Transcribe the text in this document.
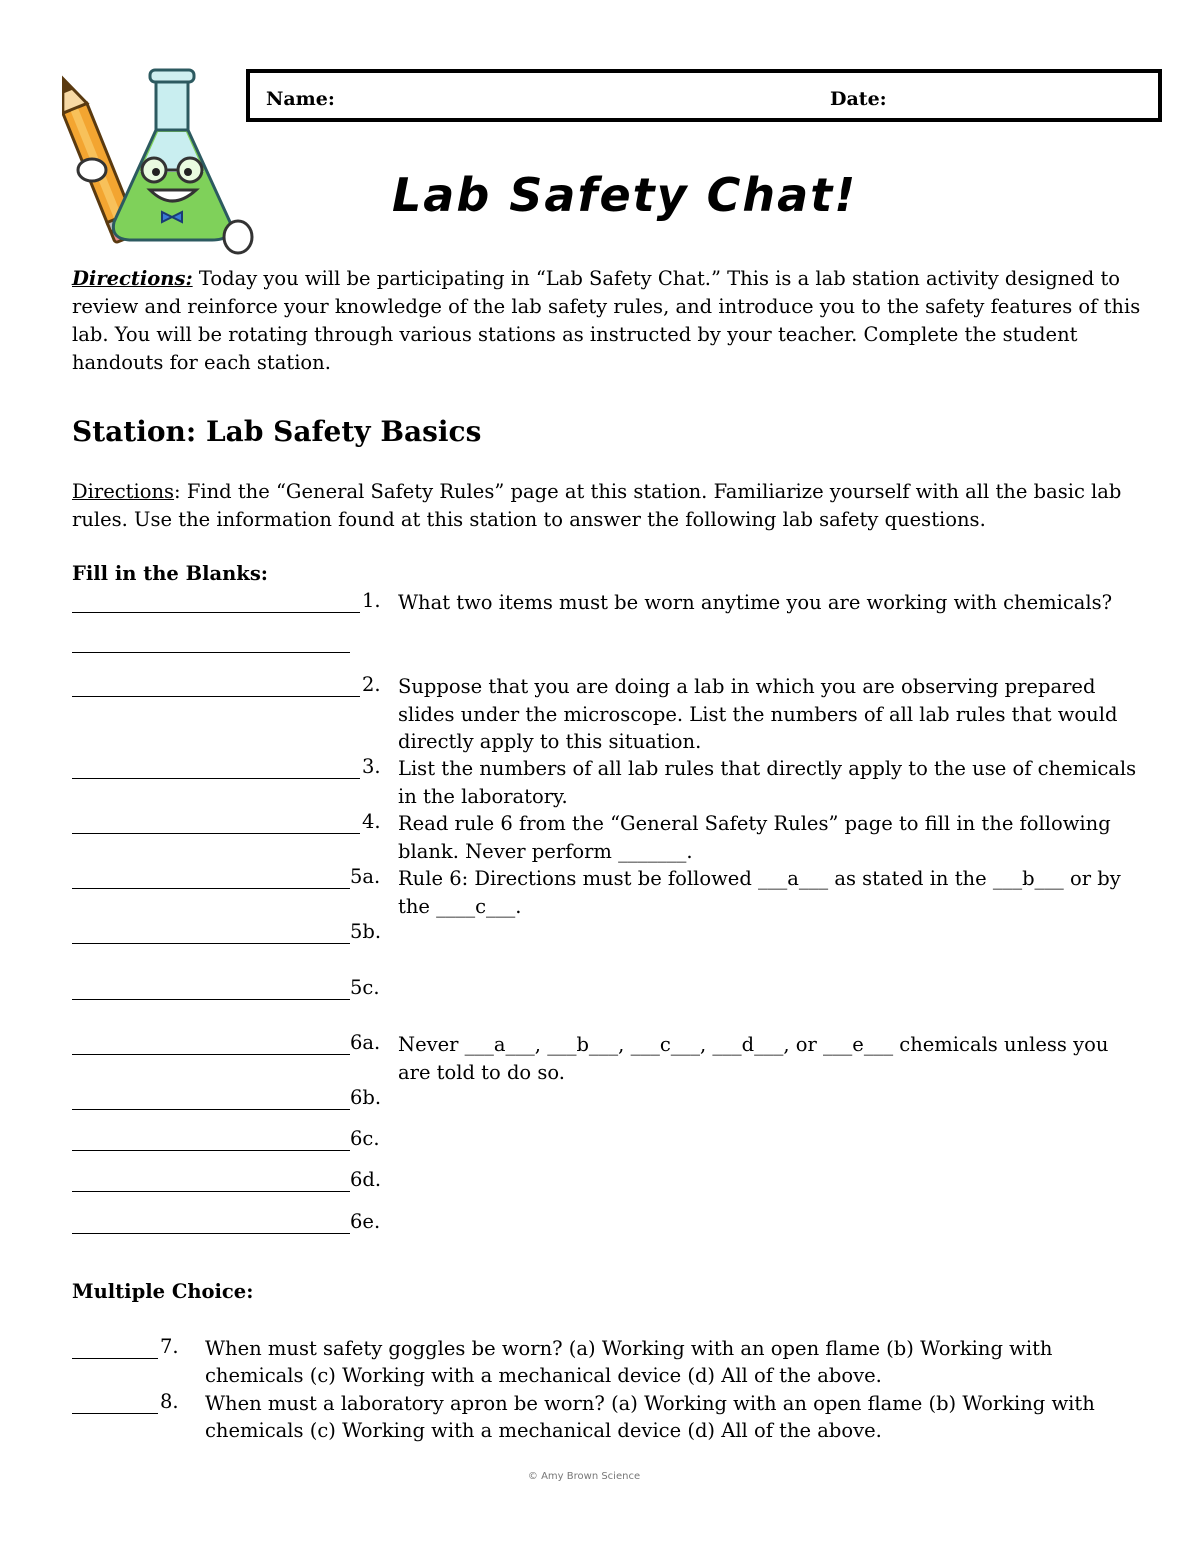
Name:	Date:
Lab Safety Chat!
Directions: Today you will be participating in “Lab Safety Chat.” This is a lab station activity designed to review and reinforce your knowledge of the lab safety rules, and introduce you to the safety features of this lab. You will be rotating through various stations as instructed by your teacher. Complete the student handouts for each station.
Station: Lab Safety Basics
Directions: Find the “General Safety Rules” page at this station. Familiarize yourself with all the basic lab rules. Use the information found at this station to answer the following lab safety questions.
Fill in the Blanks:
1. What two items must be worn anytime you are working with chemicals?
2. Suppose that you are doing a lab in which you are observing prepared slides under the microscope. List the numbers of all lab rules that would directly apply to this situation.
3. List the numbers of all lab rules that directly apply to the use of chemicals in the laboratory.
4. Read rule 6 from the “General Safety Rules” page to fill in the following blank. Never perform _______.
5a. Rule 6: Directions must be followed ___a___ as stated in the ___b___ or by the ____c___.
5b.
5c.
6a. Never ___a___, ___b___, ___c___, ___d___, or ___e___ chemicals unless you are told to do so.
6b.
6c.
6d.
6e.
Multiple Choice:
7. When must safety goggles be worn? (a) Working with an open flame (b) Working with chemicals (c) Working with a mechanical device (d) All of the above.
8. When must a laboratory apron be worn? (a) Working with an open flame (b) Working with chemicals (c) Working with a mechanical device (d) All of the above.
© Amy Brown Science
